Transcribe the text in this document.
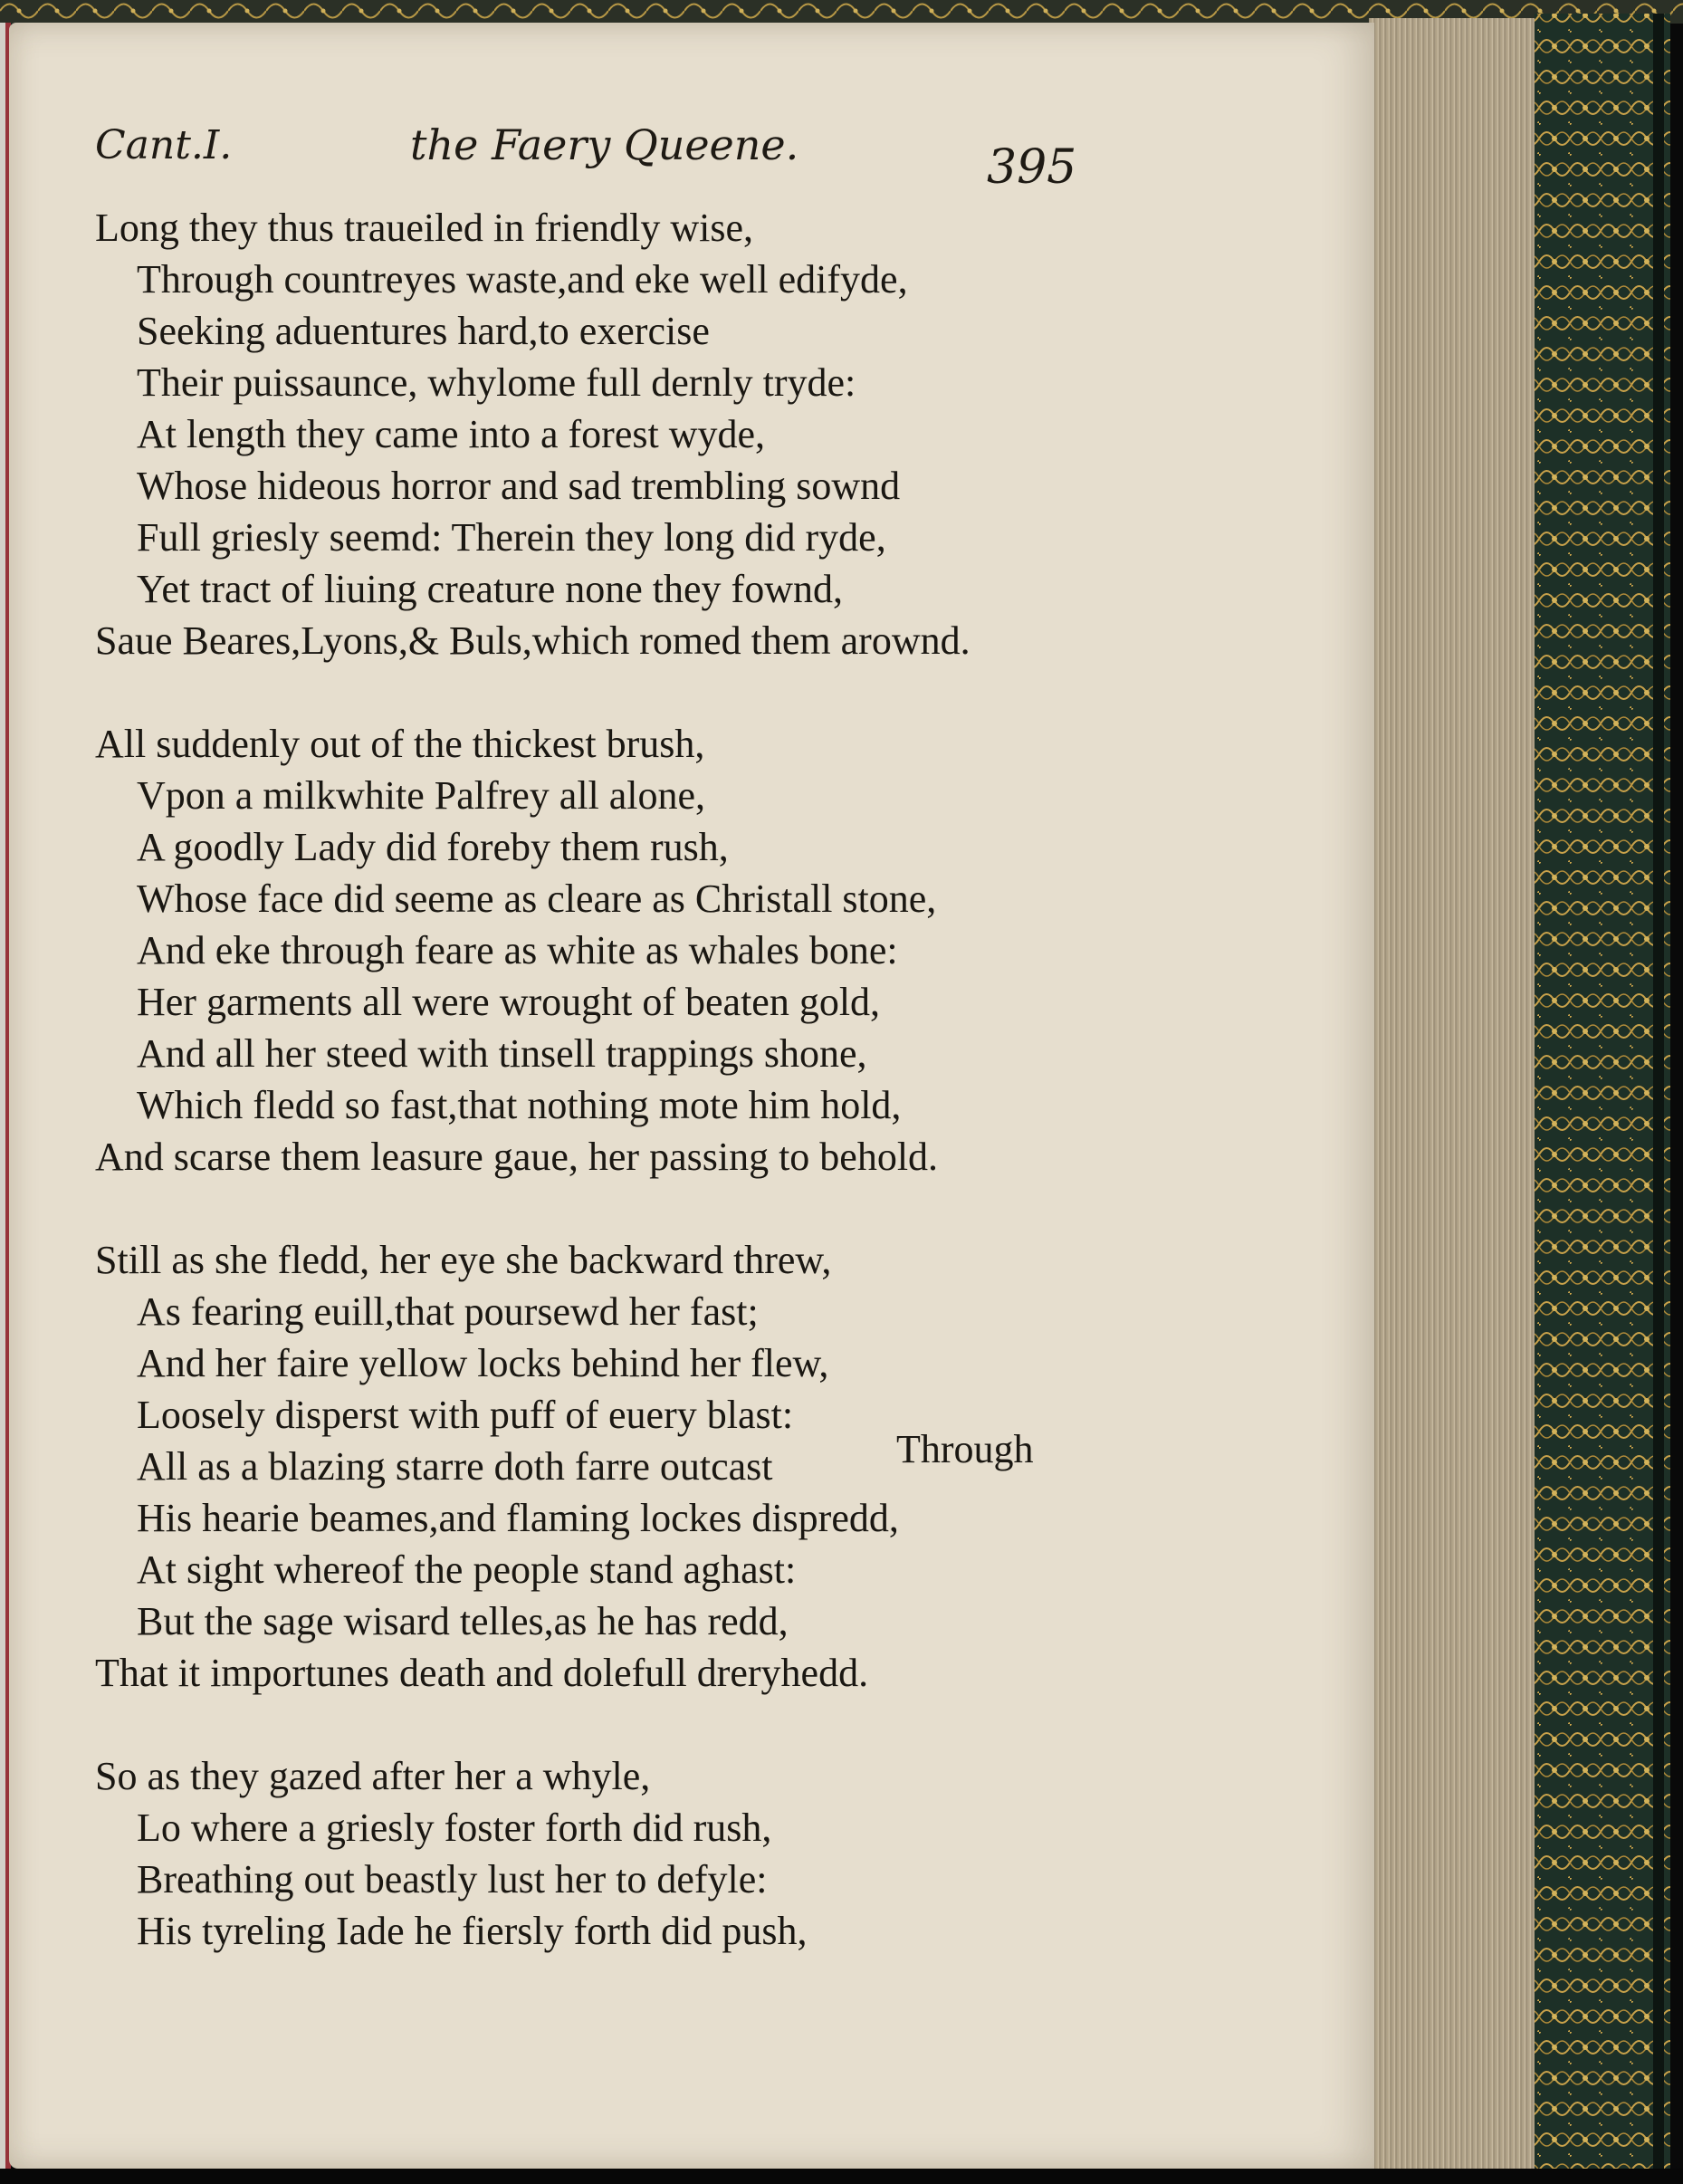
Cant.I.	the Faery Queene.	395
Long they thus traueiled in friendly wise,
Through countreyes waste,and eke well edifyde,
Seeking aduentures hard,to exercise
Their puissaunce, whylome full dernly tryde:
At length they came into a forest wyde,
Whose hideous horror and sad trembling sownd
Full griesly seemd: Therein they long did ryde,
Yet tract of liuing creature none they fownd,
Saue Beares,Lyons,& Buls,which romed them arownd.
All suddenly out of the thickest brush,
Vpon a milkwhite Palfrey all alone,
A goodly Lady did foreby them rush,
Whose face did seeme as cleare as Christall stone,
And eke through feare as white as whales bone:
Her garments all were wrought of beaten gold,
And all her steed with tinsell trappings shone,
Which fledd so fast,that nothing mote him hold,
And scarse them leasure gaue, her passing to behold.
Still as she fledd, her eye she backward threw,
As fearing euill,that poursewd her fast;
And her faire yellow locks behind her flew,
Loosely disperst with puff of euery blast:
All as a blazing starre doth farre outcast
His hearie beames,and flaming lockes dispredd,
At sight whereof the people stand aghast:
But the sage wisard telles,as he has redd,
That it importunes death and dolefull dreryhedd.
So as they gazed after her a whyle,
Lo where a griesly foster forth did rush,
Breathing out beastly lust her to defyle:
His tyreling Iade he fiersly forth did push,
Through
